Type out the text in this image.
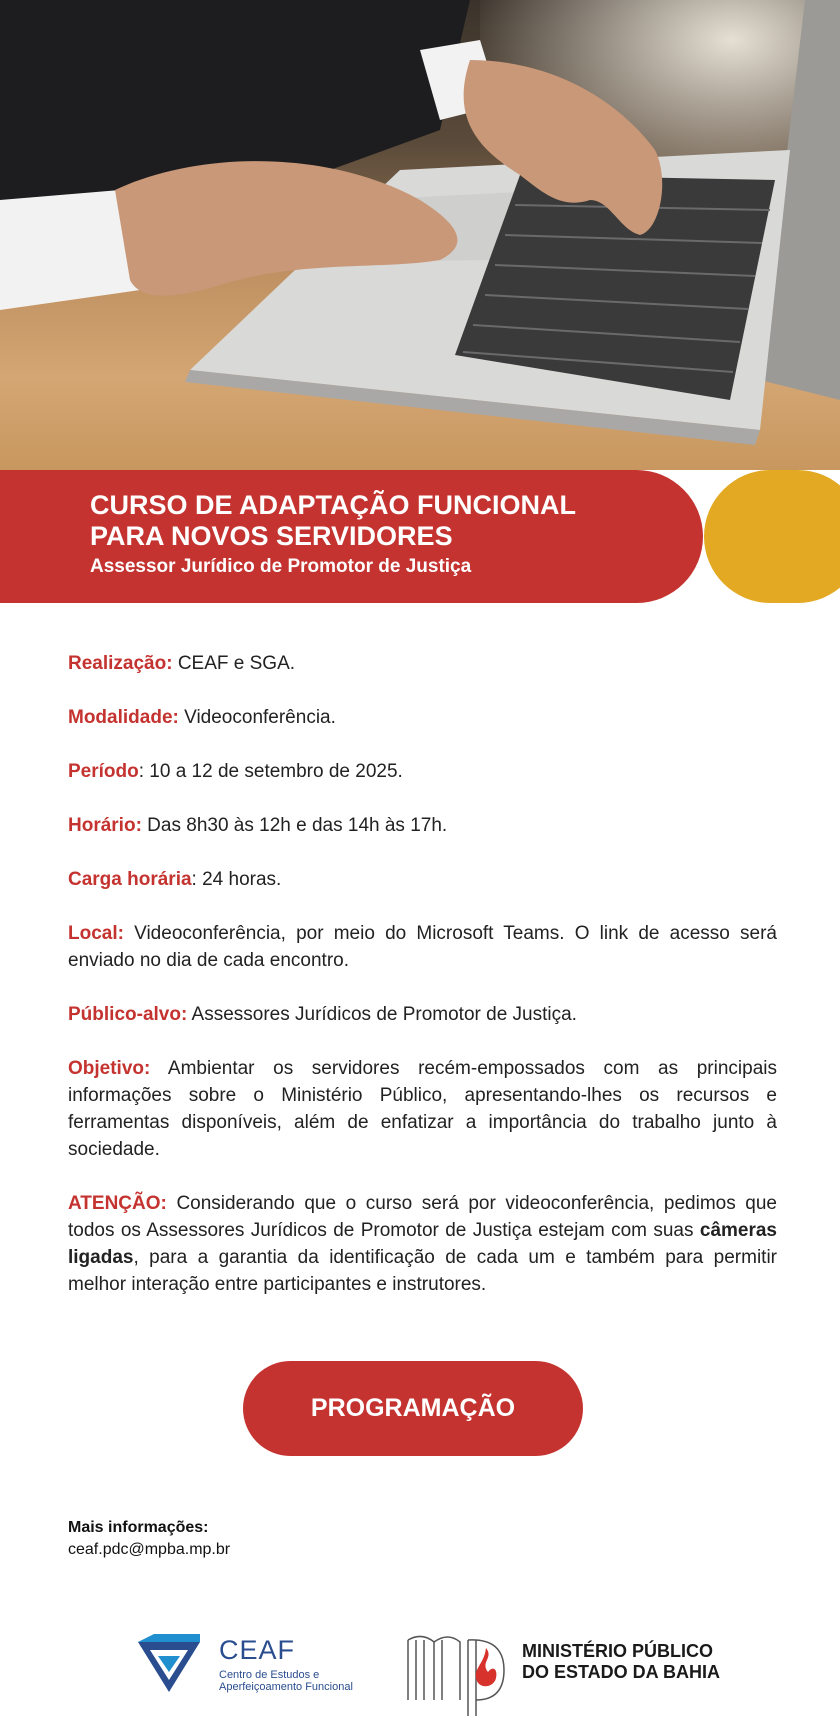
CURSO DE ADAPTAÇÃO FUNCIONAL
PARA NOVOS SERVIDORES

Assessor Jurídico de Promotor de Justiça

Realização: CEAF e SGA.

Modalidade: Videoconferência.

Período: 10 a 12 de setembro de 2025.

Horário: Das 8h30 às 12h e das 14h às 17h.

Carga horária: 24 horas.

Local: Videoconferência, por meio do Microsoft Teams. O link de acesso será enviado no dia de cada encontro.

Público-alvo: Assessores Jurídicos de Promotor de Justiça.

Objetivo: Ambientar os servidores recém-empossados com as principais informações sobre o Ministério Público, apresentando-lhes os recursos e ferramentas disponíveis, além de enfatizar a importância do trabalho junto à sociedade.

ATENÇÃO: Considerando que o curso será por videoconferência, pedimos que todos os Assessores Jurídicos de Promotor de Justiça estejam com suas câmeras ligadas, para a garantia da identificação de cada um e também para permitir melhor interação entre participantes e instrutores.

PROGRAMAÇÃO
Mais informações:
ceaf.pdc@mpba.mp.br
CEAF
Centro de Estudos e
Aperfeiçoamento Funcional
MINISTÉRIO PÚBLICO
DO ESTADO DA BAHIA
